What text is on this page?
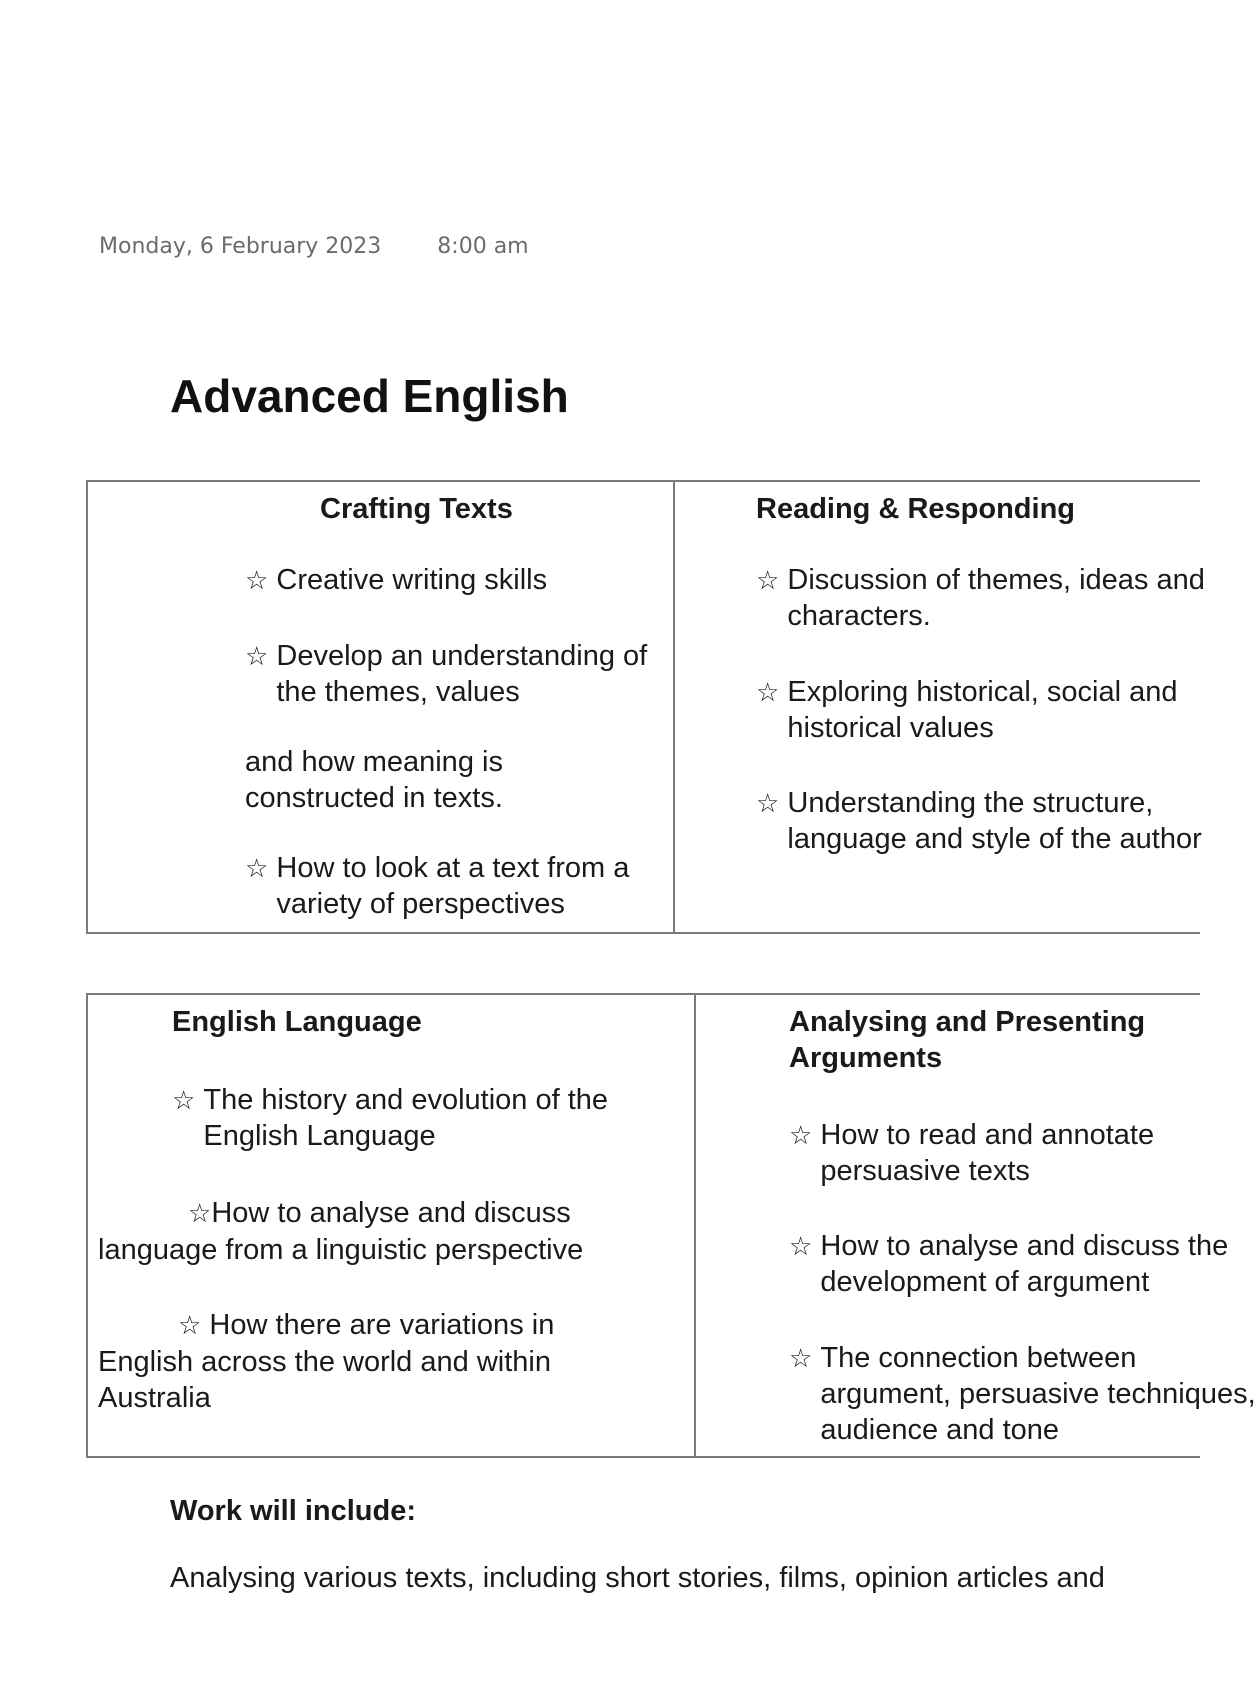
Monday, 6 February 2023	8:00 am
Advanced English

Crafting Texts

☆ Creative writing skills

☆ Develop an understanding of the themes, values

and how meaning is constructed in texts.

☆ How to look at a text from a variety of perspectives

Reading & Responding

☆ Discussion of themes, ideas and characters.

☆ Exploring historical, social and historical values

☆ Understanding the structure, language and style of the author

English Language

☆ The history and evolution of the English Language

☆How to analyse and discuss language from a linguistic perspective

☆ How there are variations in English across the world and within Australia

Analysing and Presenting Arguments

☆ How to read and annotate persuasive texts

☆ How to analyse and discuss the development of argument

☆ The connection between argument, persuasive techniques, audience and tone

Work will include:

Analysing various texts, including short stories, films, opinion articles and
